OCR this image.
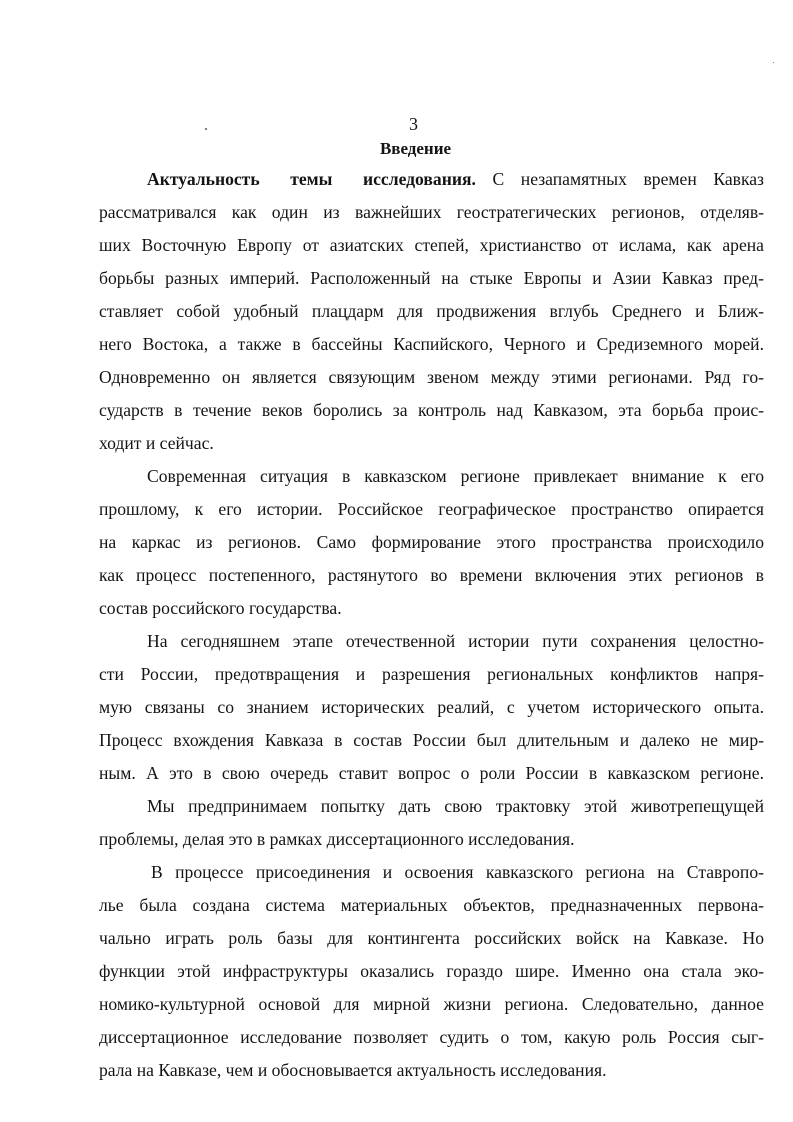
3
Введение
Актуальность темы исследования. С незапамятных времен Кавказ
рассматривался как один из важнейших геостратегических регионов, отделяв-
ших Восточную Европу от азиатских степей, христианство от ислама, как арена
борьбы разных империй. Расположенный на стыке Европы и Азии Кавказ пред-
ставляет собой удобный плацдарм для продвижения вглубь Среднего и Ближ-
него Востока, а также в бассейны Каспийского, Черного и Средиземного морей.
Одновременно он является связующим звеном между этими регионами. Ряд го-
сударств в течение веков боролись за контроль над Кавказом, эта борьба проис-
ходит и сейчас.
Современная ситуация в кавказском регионе привлекает внимание к его
прошлому, к его истории. Российское географическое пространство опирается
на каркас из регионов. Само формирование этого пространства происходило
как процесс постепенного, растянутого во времени включения этих регионов в
состав российского государства.
На сегодняшнем этапе отечественной истории пути сохранения целостно-
сти России, предотвращения и разрешения региональных конфликтов напря-
мую связаны со знанием исторических реалий, с учетом исторического опыта.
Процесс вхождения Кавказа в состав России был длительным и далеко не мир-
ным. А это в свою очередь ставит вопрос о роли России в кавказском регионе.
Мы предпринимаем попытку дать свою трактовку этой животрепещущей
проблемы, делая это в рамках диссертационного исследования.
В процессе присоединения и освоения кавказского региона на Ставропо-
лье была создана система материальных объектов, предназначенных первона-
чально играть роль базы для контингента российских войск на Кавказе. Но
функции этой инфраструктуры оказались гораздо шире. Именно она стала эко-
номико-культурной основой для мирной жизни региона. Следовательно, данное
диссертационное исследование позволяет судить о том, какую роль Россия сыг-
рала на Кавказе, чем и обосновывается актуальность исследования.
